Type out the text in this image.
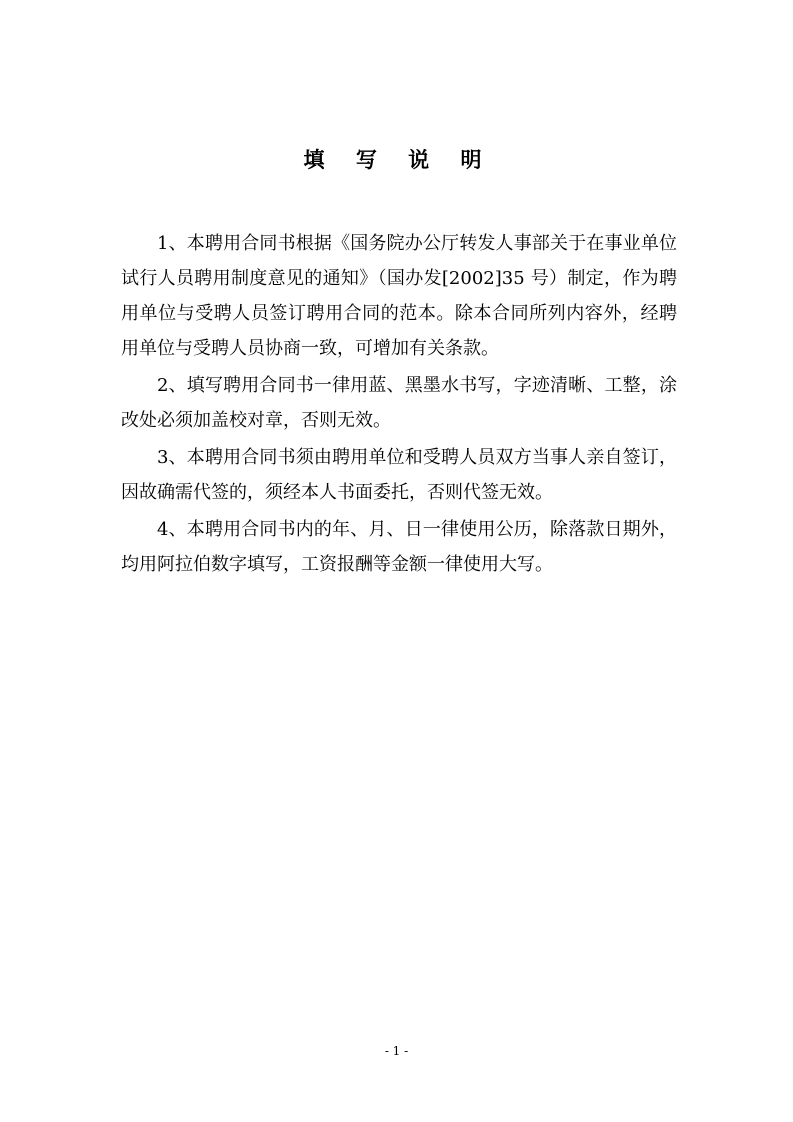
填 写 说 明

1、本聘用合同书根据《国务院办公厅转发人事部关于在事业单位试行人员聘用制度意见的通知》（国办发[2002]35 号）制定，作为聘用单位与受聘人员签订聘用合同的范本。除本合同所列内容外，经聘用单位与受聘人员协商一致，可增加有关条款。

2、填写聘用合同书一律用蓝、黑墨水书写，字迹清晰、工整，涂改处必须加盖校对章，否则无效。

3、本聘用合同书须由聘用单位和受聘人员双方当事人亲自签订，因故确需代签的，须经本人书面委托，否则代签无效。

4、本聘用合同书内的年、月、日一律使用公历，除落款日期外，均用阿拉伯数字填写，工资报酬等金额一律使用大写。

- 1 -
